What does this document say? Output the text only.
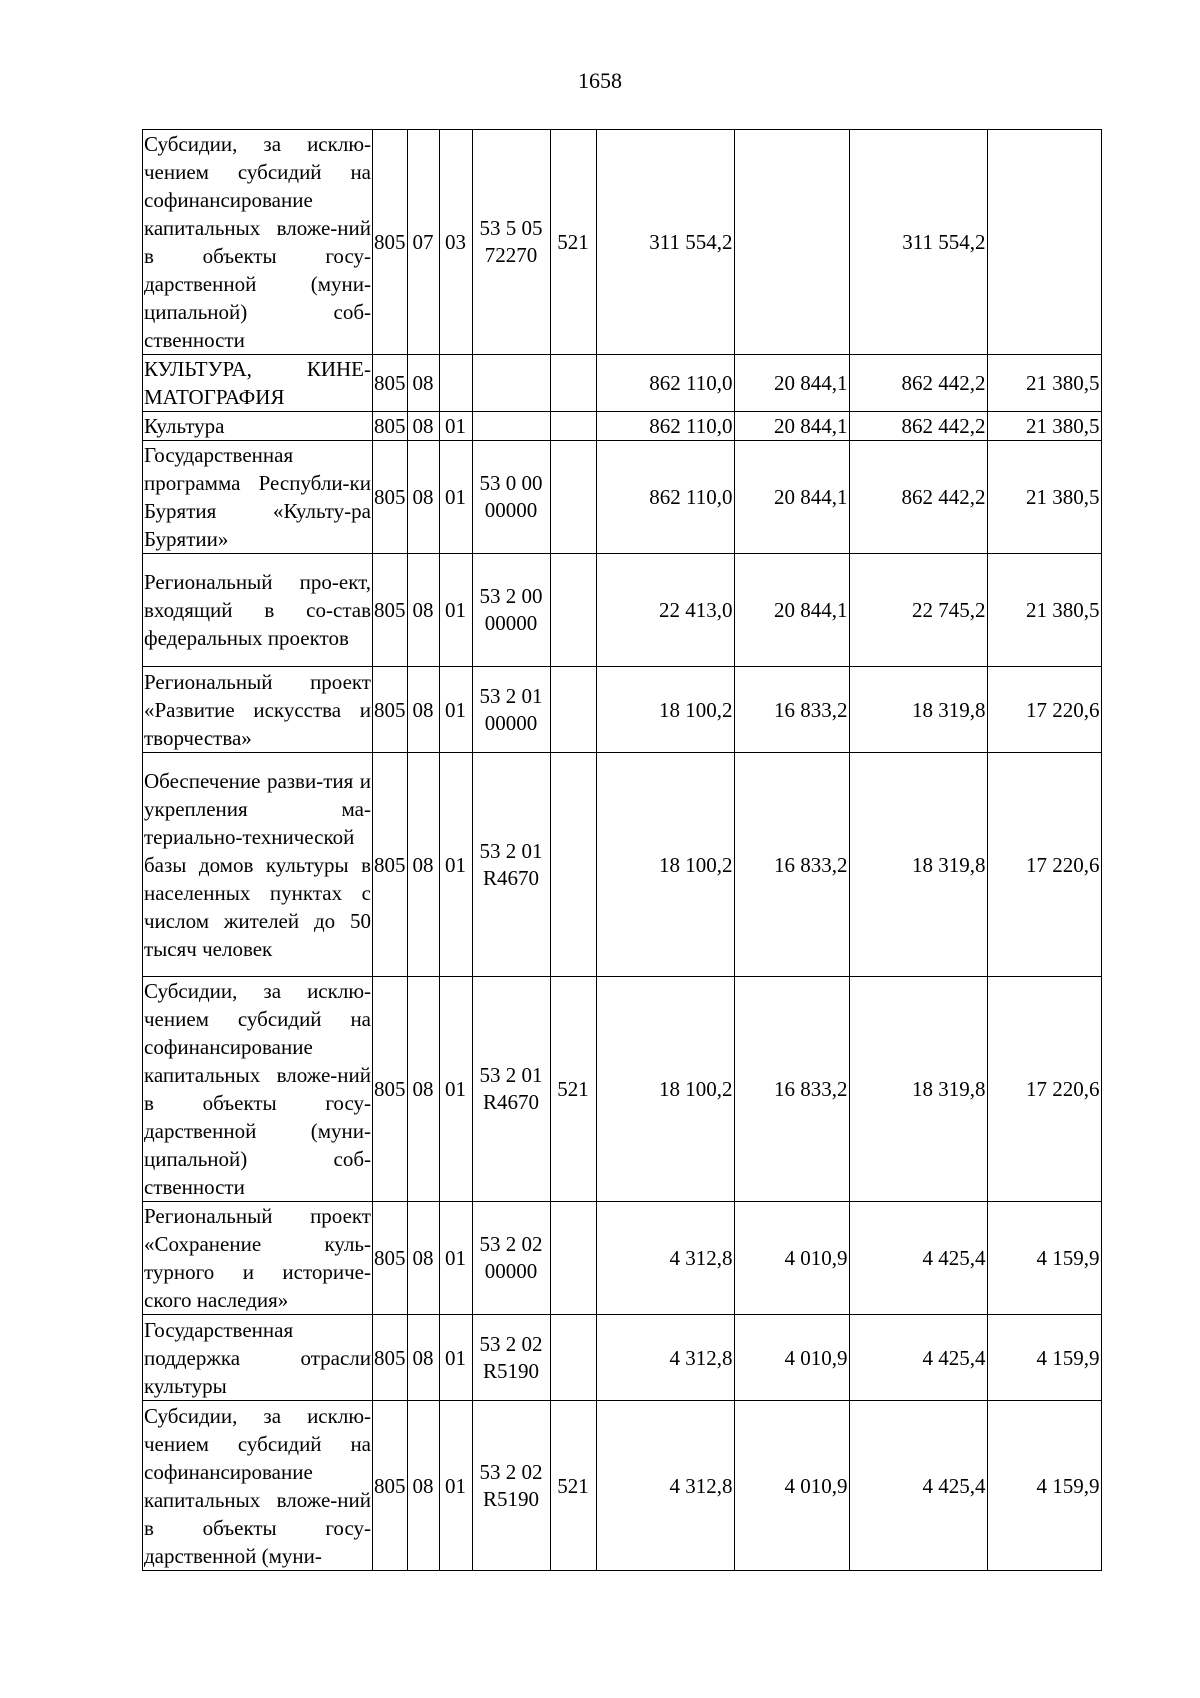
1658
Субсидии, за исклю-чением субсидий на софинансирование капитальных вложе-ний в объекты госу-дарственной (муни-ципальной) соб-ственности	805	07	03	53 5 05 72270	521	311 554,2		311 554,2	
КУЛЬТУРА, КИНЕ-МАТОГРАФИЯ	805	08				862 110,0	20 844,1	862 442,2	21 380,5
Культура	805	08	01			862 110,0	20 844,1	862 442,2	21 380,5
Государственная программа Республи-ки Бурятия «Культу-ра Бурятии»	805	08	01	53 0 00 00000		862 110,0	20 844,1	862 442,2	21 380,5
Региональный про-ект, входящий в со-став федеральных проектов	805	08	01	53 2 00 00000		22 413,0	20 844,1	22 745,2	21 380,5
Региональный проект «Развитие искусства и творчества»	805	08	01	53 2 01 00000		18 100,2	16 833,2	18 319,8	17 220,6
Обеспечение разви-тия и укрепления ма-териально-технической базы домов культуры в населенных пунктах с числом жителей до 50 тысяч человек	805	08	01	53 2 01 R4670		18 100,2	16 833,2	18 319,8	17 220,6
Субсидии, за исклю-чением субсидий на софинансирование капитальных вложе-ний в объекты госу-дарственной (муни-ципальной) соб-ственности	805	08	01	53 2 01 R4670	521	18 100,2	16 833,2	18 319,8	17 220,6
Региональный проект «Сохранение куль-турного и историче-ского наследия»	805	08	01	53 2 02 00000		4 312,8	4 010,9	4 425,4	4 159,9
Государственная поддержка отрасли культуры	805	08	01	53 2 02 R5190		4 312,8	4 010,9	4 425,4	4 159,9
Субсидии, за исклю-чением субсидий на софинансирование капитальных вложе-ний в объекты госу-дарственной (муни-	805	08	01	53 2 02 R5190	521	4 312,8	4 010,9	4 425,4	4 159,9
